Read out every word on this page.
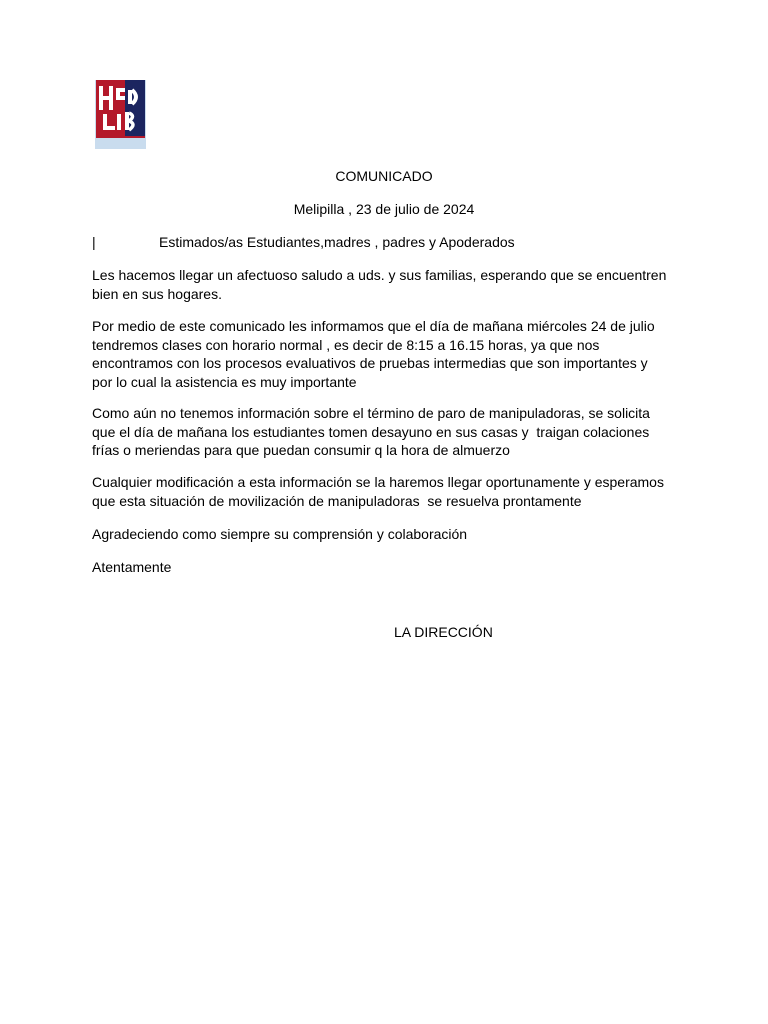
COMUNICADO
Melipilla , 23 de julio de 2024
|	Estimados/as Estudiantes,madres , padres y Apoderados
Les hacemos llegar un afectuoso saludo a uds. y sus familias, esperando que se encuentren
bien en sus hogares.
Por medio de este comunicado les informamos que el día de mañana miércoles 24 de julio
tendremos clases con horario normal , es decir de 8:15 a 16.15 horas, ya que nos
encontramos con los procesos evaluativos de pruebas intermedias que son importantes y
por lo cual la asistencia es muy importante
Como aún no tenemos información sobre el término de paro de manipuladoras, se solicita
que el día de mañana los estudiantes tomen desayuno en sus casas y  traigan colaciones
frías o meriendas para que puedan consumir q la hora de almuerzo
Cualquier modificación a esta información se la haremos llegar oportunamente y esperamos
que esta situación de movilización de manipuladoras  se resuelva prontamente
Agradeciendo como siempre su comprensión y colaboración
Atentamente
LA DIRECCIÓN
